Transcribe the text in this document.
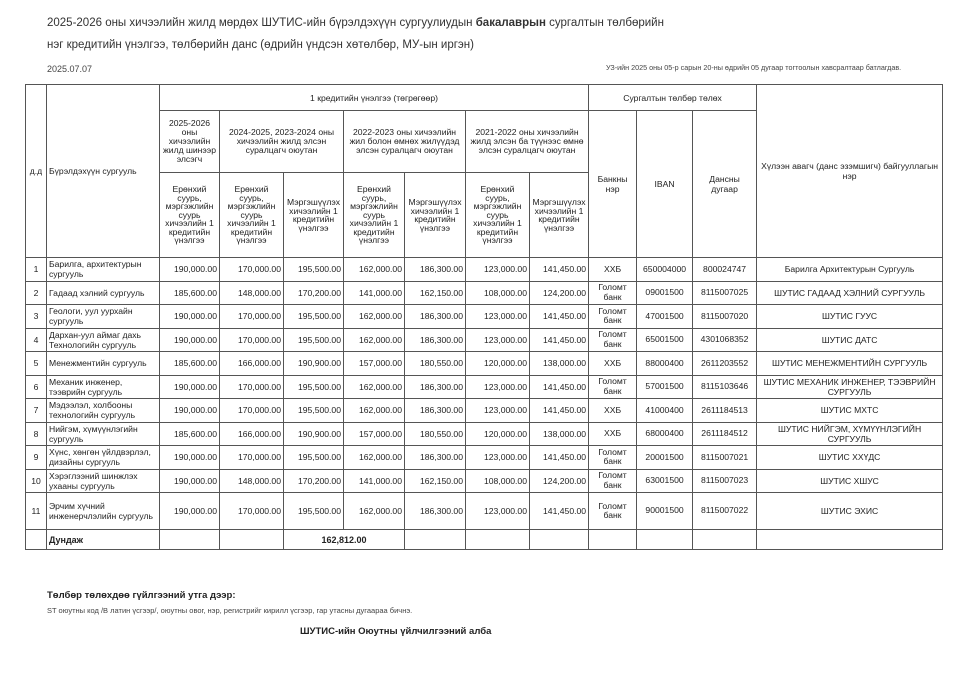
2025-2026 оны хичээлийн жилд мөрдөх ШУТИС-ийн бүрэлдэхүүн сургуулиудын бакалаврын сургалтын төлбөрийн
нэг кредитийн үнэлгээ, төлбөрийн данс (өдрийн үндсэн хөтөлбөр, МУ-ын иргэн)
2025.07.07	УЗ-ийн 2025 оны 05-р сарын 20-ны өдрийн 05 дугаар тогтоолын хавсралтаар батлагдав.
д.д	Бүрэлдэхүүн сургууль	1 кредитийн үнэлгээ (төгрөгөөр)							Сургалтын төлбөр төлөх			Хүлээн авагч (данс эзэмшигч) байгууллагын нэр
		2025-2026 оны хичээлийн жилд шинээр элсэгч	2024-2025, 2023-2024 оны хичээлийн жилд элсэн суралцагч оюутан		2022-2023 оны хичээлийн жил болон өмнөх жилүүдэд элсэн суралцагч оюутан		2021-2022 оны хичээлийн жилд элсэн ба түүнээс өмнө элсэн суралцагч оюутан		Банкны нэр	IBAN	Дансны дугаар	
		Ерөнхий суурь, мэргэжлийн суурь хичээлийн 1 кредитийн үнэлгээ	Ерөнхий суурь, мэргэжлийн суурь хичээлийн 1 кредитийн үнэлгээ	Мэргэшүүлэх хичээлийн 1 кредитийн үнэлгээ	Ерөнхий суурь, мэргэжлийн суурь хичээлийн 1 кредитийн үнэлгээ	Мэргэшүүлэх хичээлийн 1 кредитийн үнэлгээ	Ерөнхий суурь, мэргэжлийн суурь хичээлийн 1 кредитийн үнэлгээ	Мэргэшүүлэх хичээлийн 1 кредитийн үнэлгээ				
1	Барилга, архитектурын сургууль	190,000.00	170,000.00	195,500.00	162,000.00	186,300.00	123,000.00	141,450.00	ХХБ	650004000	800024747	Барилга Архитектурын Сургууль
2	Гадаад хэлний сургууль	185,600.00	148,000.00	170,200.00	141,000.00	162,150.00	108,000.00	124,200.00	Голомт банк	09001500	8115007025	ШУТИС ГАДААД ХЭЛНИЙ СУРГУУЛЬ
3	Геологи, уул уурхайн сургууль	190,000.00	170,000.00	195,500.00	162,000.00	186,300.00	123,000.00	141,450.00	Голомт банк	47001500	8115007020	ШУТИС ГУУС
4	Дархан-уул аймаг дахь Технологийн сургууль	190,000.00	170,000.00	195,500.00	162,000.00	186,300.00	123,000.00	141,450.00	Голомт банк	65001500	4301068352	ШУТИС ДАТС
5	Менежментийн сургууль	185,600.00	166,000.00	190,900.00	157,000.00	180,550.00	120,000.00	138,000.00	ХХБ	88000400	2611203552	ШУТИС МЕНЕЖМЕНТИЙН СУРГУУЛЬ
6	Механик инженер, тээврийн сургууль	190,000.00	170,000.00	195,500.00	162,000.00	186,300.00	123,000.00	141,450.00	Голомт банк	57001500	8115103646	ШУТИС МЕХАНИК ИНЖЕНЕР, ТЭЭВРИЙН СУРГУУЛЬ
7	Мэдээлэл, холбооны технологийн сургууль	190,000.00	170,000.00	195,500.00	162,000.00	186,300.00	123,000.00	141,450.00	ХХБ	41000400	2611184513	ШУТИС МХТС
8	Нийгэм, хүмүүнлэгийн сургууль	185,600.00	166,000.00	190,900.00	157,000.00	180,550.00	120,000.00	138,000.00	ХХБ	68000400	2611184512	ШУТИС НИЙГЭМ, ХҮМҮҮНЛЭГИЙН СУРГУУЛЬ
9	Хүнс, хөнгөн үйлдвэрлэл, дизайны сургууль	190,000.00	170,000.00	195,500.00	162,000.00	186,300.00	123,000.00	141,450.00	Голомт банк	20001500	8115007021	ШУТИС ХХҮДС
10	Хэрэглээний шинжлэх ухааны сургууль	190,000.00	148,000.00	170,200.00	141,000.00	162,150.00	108,000.00	124,200.00	Голомт банк	63001500	8115007023	ШУТИС ХШУС
11	Эрчим хүчний инженерчлэлийн сургууль	190,000.00	170,000.00	195,500.00	162,000.00	186,300.00	123,000.00	141,450.00	Голомт банк	90001500	8115007022	ШУТИС ЭХИС
	Дундаж			162,812.00								
Төлбөр төлөхдөө гүйлгээний утга дээр:
ST оюутны код /В латин үсгээр/, оюутны овог, нэр, регистрийг кирилл үсгээр, гар утасны дугаараа бичнэ.
ШУТИС-ийн Оюутны үйлчилгээний алба
